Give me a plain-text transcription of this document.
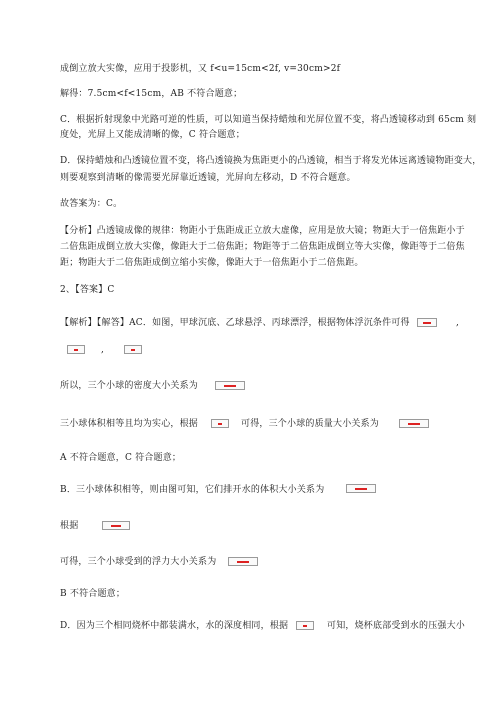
成倒立放大实像，应用于投影机，又 f<u=15cm<2f, v=30cm>2f
解得：7.5cm<f<15cm，AB 不符合题意；
C．根据折射现象中光路可逆的性质，可以知道当保持蜡烛和光屏位置不变，将凸透镜移动到 65cm 刻
度处，光屏上又能成清晰的像，C 符合题意；
D．保持蜡烛和凸透镜位置不变，将凸透镜换为焦距更小的凸透镜，相当于将发光体远离透镜物距变大，
则要观察到清晰的像需要光屏靠近透镜，光屏向左移动，D 不符合题意。
故答案为：C。
【分析】凸透镜成像的规律：物距小于焦距成正立放大虚像，应用是放大镜；物距大于一倍焦距小于
二倍焦距成倒立放大实像，像距大于二倍焦距；物距等于二倍焦距成倒立等大实像，像距等于二倍焦
距；物距大于二倍焦距成倒立缩小实像，像距大于一倍焦距小于二倍焦距。
2、【答案】C
【解析】【解答】AC．如图，甲球沉底、乙球悬浮、丙球漂浮，根据物体浮沉条件可得	,
,
所以，三个小球的密度大小关系为
三小球体积相等且均为实心，根据	可得，三个小球的质量大小关系为
A 不符合题意，C 符合题意；
B．三小球体积相等，则由图可知，它们排开水的体积大小关系为
根据
可得，三个小球受到的浮力大小关系为
B 不符合题意；
D．因为三个相同烧杯中都装满水，水的深度相同，根据	可知，烧杯底部受到水的压强大小
